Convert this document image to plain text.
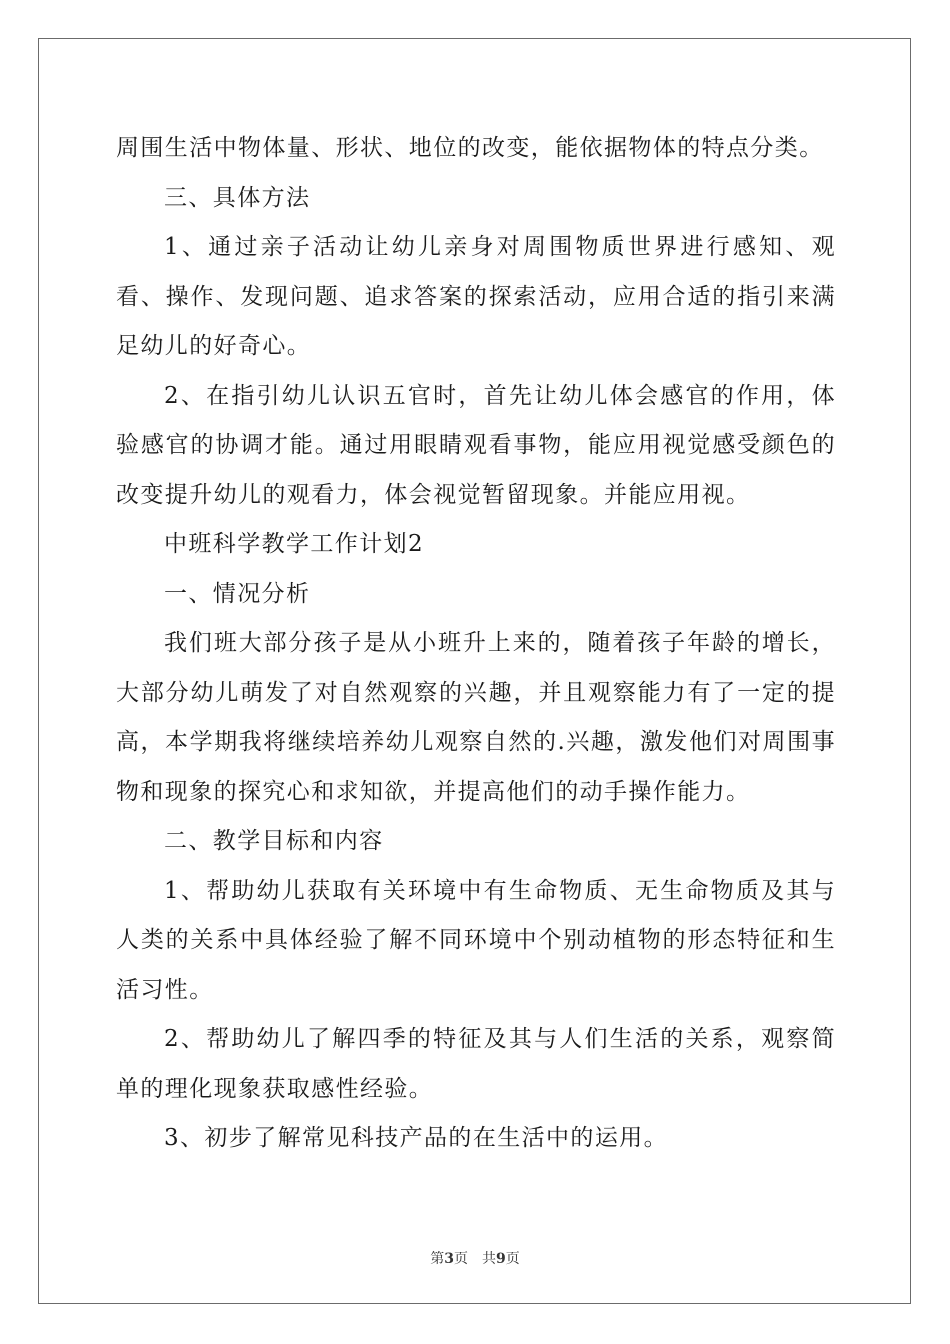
周围生活中物体量、形状、地位的改变，能依据物体的特点分类。

三、具体方法

1、通过亲子活动让幼儿亲身对周围物质世界进行感知、观看、操作、发现问题、追求答案的探索活动，应用合适的指引来满足幼儿的好奇心。

2、在指引幼儿认识五官时，首先让幼儿体会感官的作用，体验感官的协调才能。通过用眼睛观看事物，能应用视觉感受颜色的改变提升幼儿的观看力，体会视觉暂留现象。并能应用视。

中班科学教学工作计划2

一、情况分析

我们班大部分孩子是从小班升上来的，随着孩子年龄的增长，大部分幼儿萌发了对自然观察的兴趣，并且观察能力有了一定的提高，本学期我将继续培养幼儿观察自然的.兴趣，激发他们对周围事物和现象的探究心和求知欲，并提高他们的动手操作能力。

二、教学目标和内容

1、帮助幼儿获取有关环境中有生命物质、无生命物质及其与人类的关系中具体经验了解不同环境中个别动植物的形态特征和生活习性。

2、帮助幼儿了解四季的特征及其与人们生活的关系，观察简单的理化现象获取感性经验。

3、初步了解常见科技产品的在生活中的运用。

第3页 共9页
